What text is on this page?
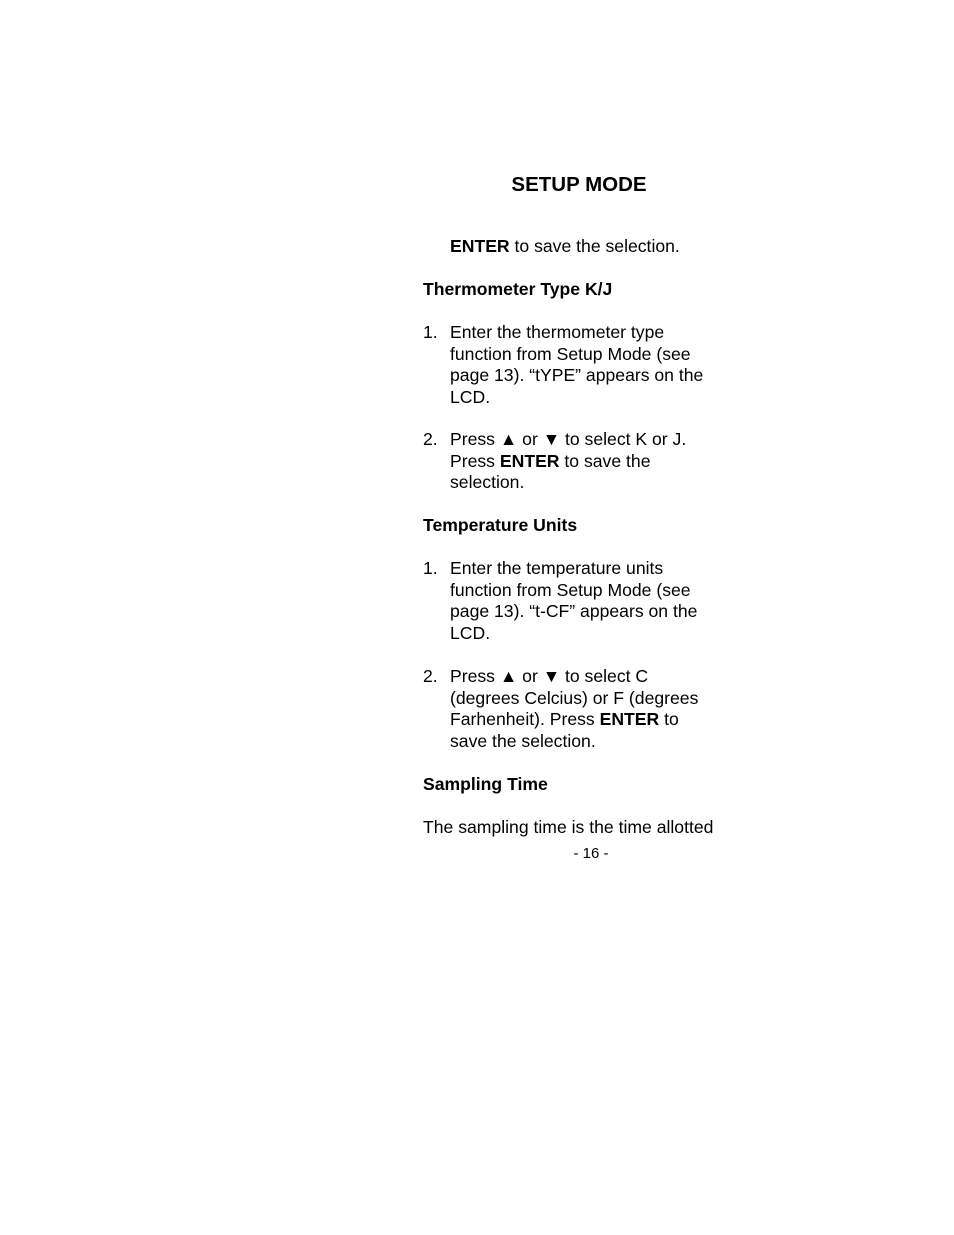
SETUP MODE
ENTER to save the selection.
Thermometer Type K/J
1. Enter the thermometer type
function from Setup Mode (see
page 13). “tYPE” appears on the
LCD.
2. Press ▲ or ▼ to select K or J.
Press ENTER to save the
selection.
Temperature Units
1. Enter the temperature units
function from Setup Mode (see
page 13). “t-CF” appears on the
LCD.
2. Press ▲ or ▼ to select C
(degrees Celcius) or F (degrees
Farhenheit). Press ENTER to
save the selection.
Sampling Time
The sampling time is the time allotted
- 16 -
